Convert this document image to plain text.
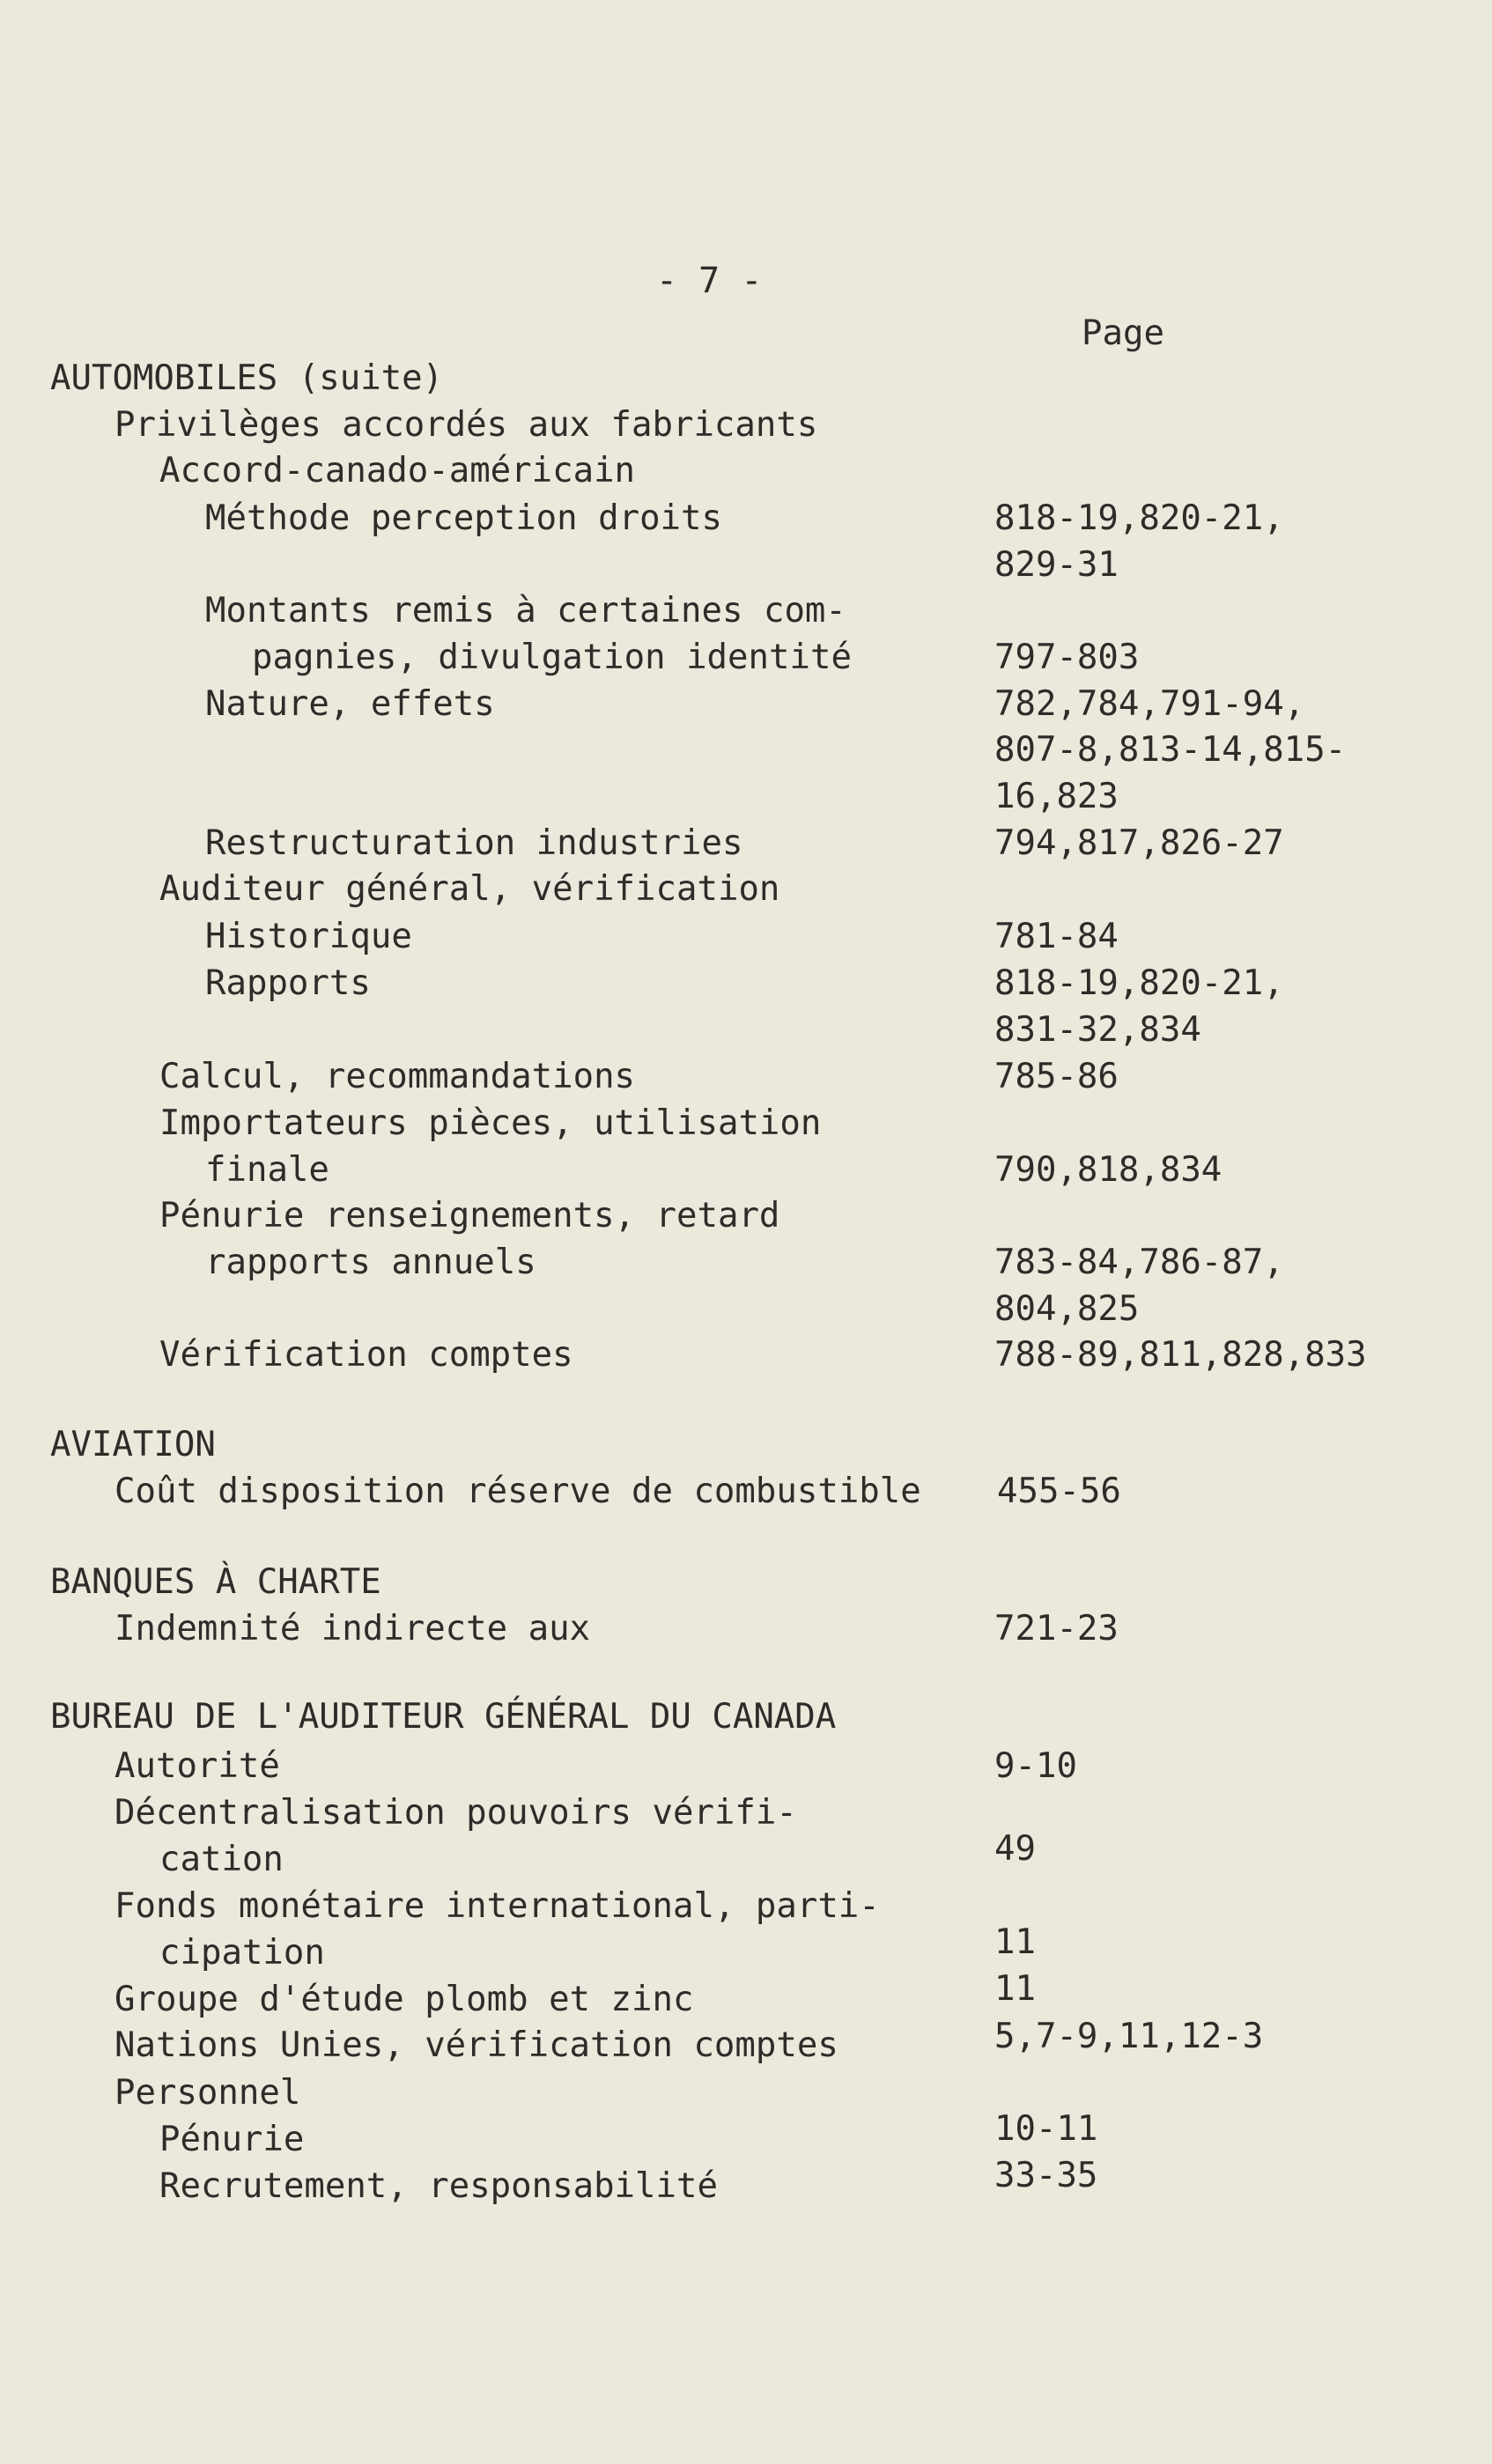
- 7 -
Page
AUTOMOBILES (suite)
Privilèges accordés aux fabricants
Accord-canado-américain
Méthode perception droits	818-19,820-21,
829-31
Montants remis à certaines com-
pagnies, divulgation identité	797-803
Nature, effets	782,784,791-94,
807-8,813-14,815-
16,823
Restructuration industries	794,817,826-27
Auditeur général, vérification
Historique	781-84
Rapports	818-19,820-21,
831-32,834
Calcul, recommandations	785-86
Importateurs pièces, utilisation
finale	790,818,834
Pénurie renseignements, retard
rapports annuels	783-84,786-87,
804,825
Vérification comptes	788-89,811,828,833
AVIATION
Coût disposition réserve de combustible 455-56
BANQUES À CHARTE
Indemnité indirecte aux	721-23
BUREAU DE L'AUDITEUR GÉNÉRAL DU CANADA
Autorité	9-10
Décentralisation pouvoirs vérifi-
cation	49
Fonds monétaire international, parti-
cipation	11
Groupe d'étude plomb et zinc	11
Nations Unies, vérification comptes	5,7-9,11,12-3
Personnel
Pénurie	10-11
Recrutement, responsabilité	33-35
